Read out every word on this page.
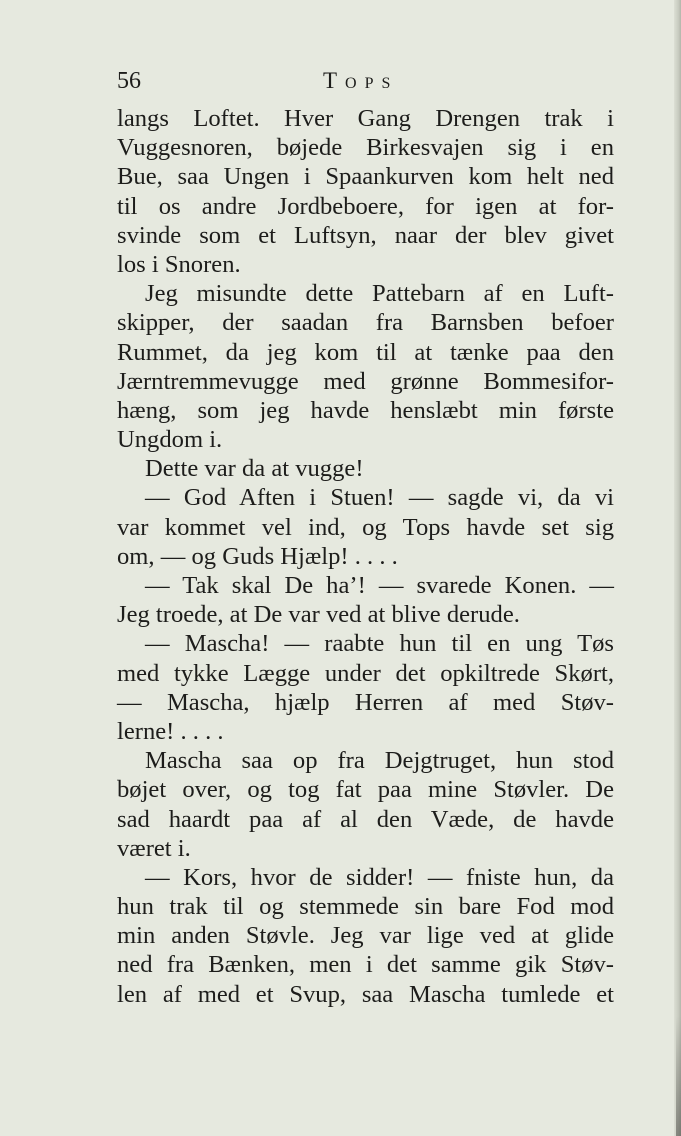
56	Tops
langs Loftet. Hver Gang Drengen trak i
Vuggesnoren, bøjede Birkesvajen sig i en
Bue, saa Ungen i Spaankurven kom helt ned
til os andre Jordbeboere, for igen at for-
svinde som et Luftsyn, naar der blev givet
los i Snoren.
Jeg misundte dette Pattebarn af en Luft-
skipper, der saadan fra Barnsben befoer
Rummet, da jeg kom til at tænke paa den
Jærntremmevugge med grønne Bommesifor-
hæng, som jeg havde henslæbt min første
Ungdom i.
Dette var da at vugge!
— God Aften i Stuen! — sagde vi, da vi
var kommet vel ind, og Tops havde set sig
om, — og Guds Hjælp! . . . .
— Tak skal De ha’! — svarede Konen. —
Jeg troede, at De var ved at blive derude.
— Mascha! — raabte hun til en ung Tøs
med tykke Lægge under det opkiltrede Skørt,
— Mascha, hjælp Herren af med Støv-
lerne! . . . .
Mascha saa op fra Dejgtruget, hun stod
bøjet over, og tog fat paa mine Støvler. De
sad haardt paa af al den Væde, de havde
været i.
— Kors, hvor de sidder! — fniste hun, da
hun trak til og stemmede sin bare Fod mod
min anden Støvle. Jeg var lige ved at glide
ned fra Bænken, men i det samme gik Støv-
len af med et Svup, saa Mascha tumlede et
